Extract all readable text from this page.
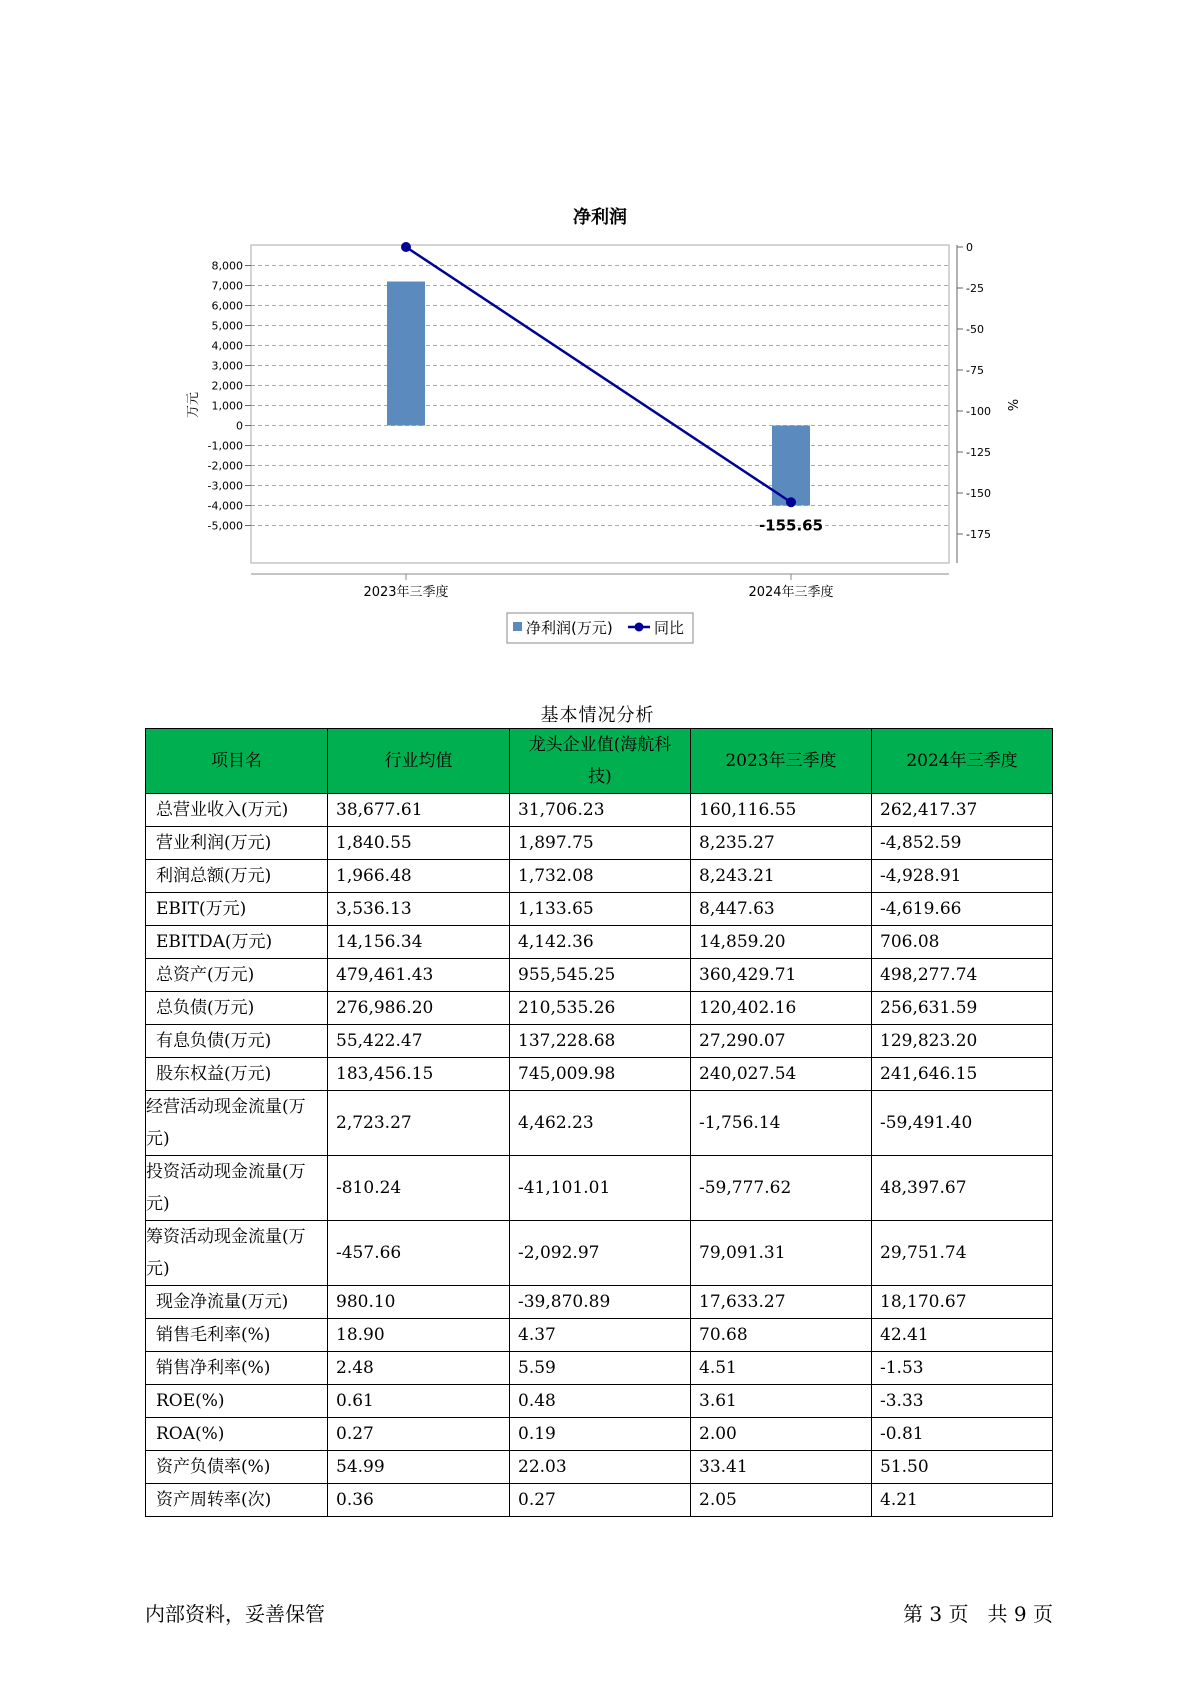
净利润
8,000
7,000
6,000
5,000
4,000
3,000
2,000
1,000
0
-1,000
-2,000
-3,000
-4,000
-5,000
0
-25
-50
-75
-100
-125
-150
-175
万元	%
2023年三季度	2024年三季度
-155.65
净利润(万元)	同比
基本情况分析
项目名	行业均值	龙头企业值(海航科技)	2023年三季度	2024年三季度
总营业收入(万元)	38,677.61	31,706.23	160,116.55	262,417.37
营业利润(万元)	1,840.55	1,897.75	8,235.27	-4,852.59
利润总额(万元)	1,966.48	1,732.08	8,243.21	-4,928.91
EBIT(万元)	3,536.13	1,133.65	8,447.63	-4,619.66
EBITDA(万元)	14,156.34	4,142.36	14,859.20	706.08
总资产(万元)	479,461.43	955,545.25	360,429.71	498,277.74
总负债(万元)	276,986.20	210,535.26	120,402.16	256,631.59
有息负债(万元)	55,422.47	137,228.68	27,290.07	129,823.20
股东权益(万元)	183,456.15	745,009.98	240,027.54	241,646.15
经营活动现金流量(万元)	2,723.27	4,462.23	-1,756.14	-59,491.40
投资活动现金流量(万元)	-810.24	-41,101.01	-59,777.62	48,397.67
筹资活动现金流量(万元)	-457.66	-2,092.97	79,091.31	29,751.74
现金净流量(万元)	980.10	-39,870.89	17,633.27	18,170.67
销售毛利率(%)	18.90	4.37	70.68	42.41
销售净利率(%)	2.48	5.59	4.51	-1.53
ROE(%)	0.61	0.48	3.61	-3.33
ROA(%)	0.27	0.19	2.00	-0.81
资产负债率(%)	54.99	22.03	33.41	51.50
资产周转率(次)	0.36	0.27	2.05	4.21
内部资料，妥善保管	第 3 页   共 9 页
